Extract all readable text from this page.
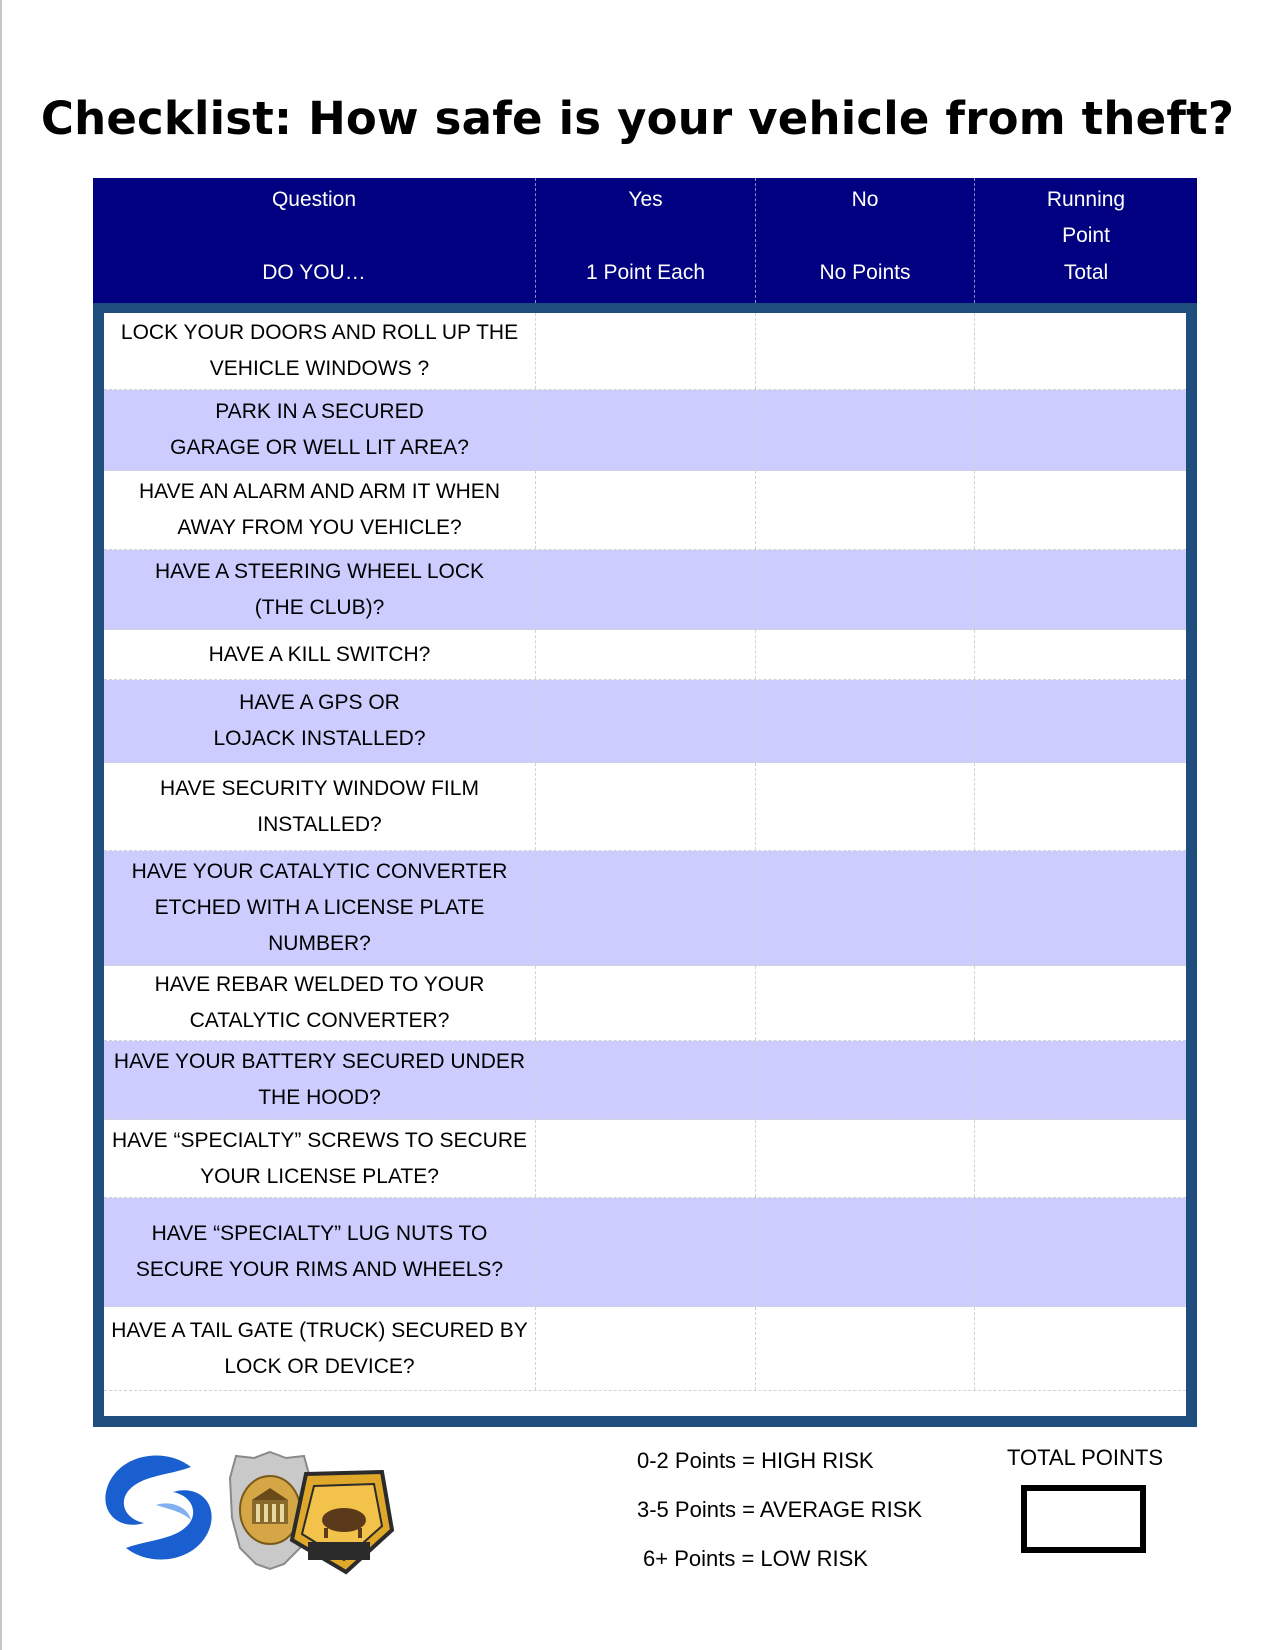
Checklist: How safe is your vehicle from theft?
Question
DO YOU…
Yes
1 Point Each
No
No Points
Running
Point
Total
LOCK YOUR DOORS AND ROLL UP THE
VEHICLE WINDOWS ?
PARK IN A SECURED
GARAGE OR WELL LIT AREA?
HAVE AN ALARM AND ARM IT WHEN
AWAY FROM YOU VEHICLE?
HAVE A STEERING WHEEL LOCK
(THE CLUB)?
HAVE A KILL SWITCH?
HAVE A GPS OR
LOJACK INSTALLED?
HAVE SECURITY WINDOW FILM
INSTALLED?
HAVE YOUR CATALYTIC CONVERTER
ETCHED WITH A LICENSE PLATE
NUMBER?
HAVE REBAR WELDED TO YOUR
CATALYTIC CONVERTER?
HAVE YOUR BATTERY SECURED UNDER
THE HOOD?
HAVE “SPECIALTY” SCREWS TO SECURE
YOUR LICENSE PLATE?
HAVE “SPECIALTY” LUG NUTS TO
SECURE YOUR RIMS AND WHEELS?
HAVE A TAIL GATE (TRUCK) SECURED BY
LOCK OR DEVICE?
0-2 Points = HIGH RISK
3-5 Points = AVERAGE RISK
6+ Points = LOW RISK
TOTAL POINTS
